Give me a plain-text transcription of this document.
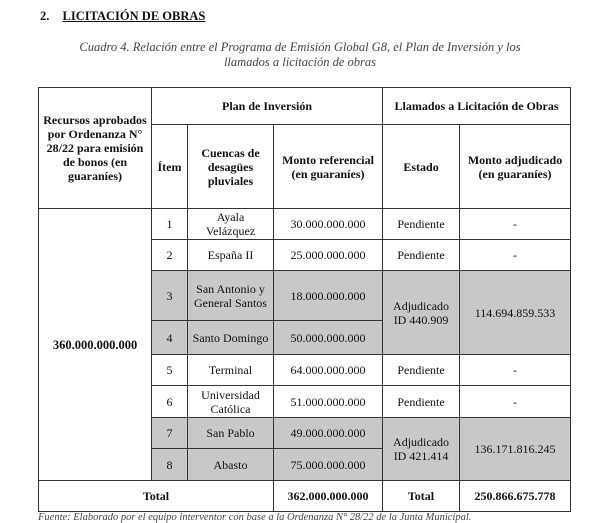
2. LICITACIÓN DE OBRAS
Cuadro 4. Relación entre el Programa de Emisión Global G8, el Plan de Inversión y los
llamados a licitación de obras
Recursos aprobados por Ordenanza N° 28/22 para emisión de bonos (en guaraníes)	Plan de Inversión			Llamados a Licitación de Obras	
	Ítem	Cuencas de desagües pluviales	Monto referencial (en guaraníes)	Estado	Monto adjudicado (en guaraníes)
360.000.000.000	1	Ayala Velázquez	30.000.000.000	Pendiente	-
	2	España II	25.000.000.000	Pendiente	-
	3	San Antonio y General Santos	18.000.000.000	Adjudicado ID 440.909	114.694.859.533
	4	Santo Domingo	50.000.000.000		
	5	Terminal	64.000.000.000	Pendiente	-
	6	Universidad Católica	51.000.000.000	Pendiente	-
	7	San Pablo	49.000.000.000	Adjudicado ID 421.414	136.171.816.245
	8	Abasto	75.000.000.000		
Total			362.000.000.000	Total	250.866.675.778
Fuente: Elaborado por el equipo interventor con base a la Ordenanza N° 28/22 de la Junta Municipal.
